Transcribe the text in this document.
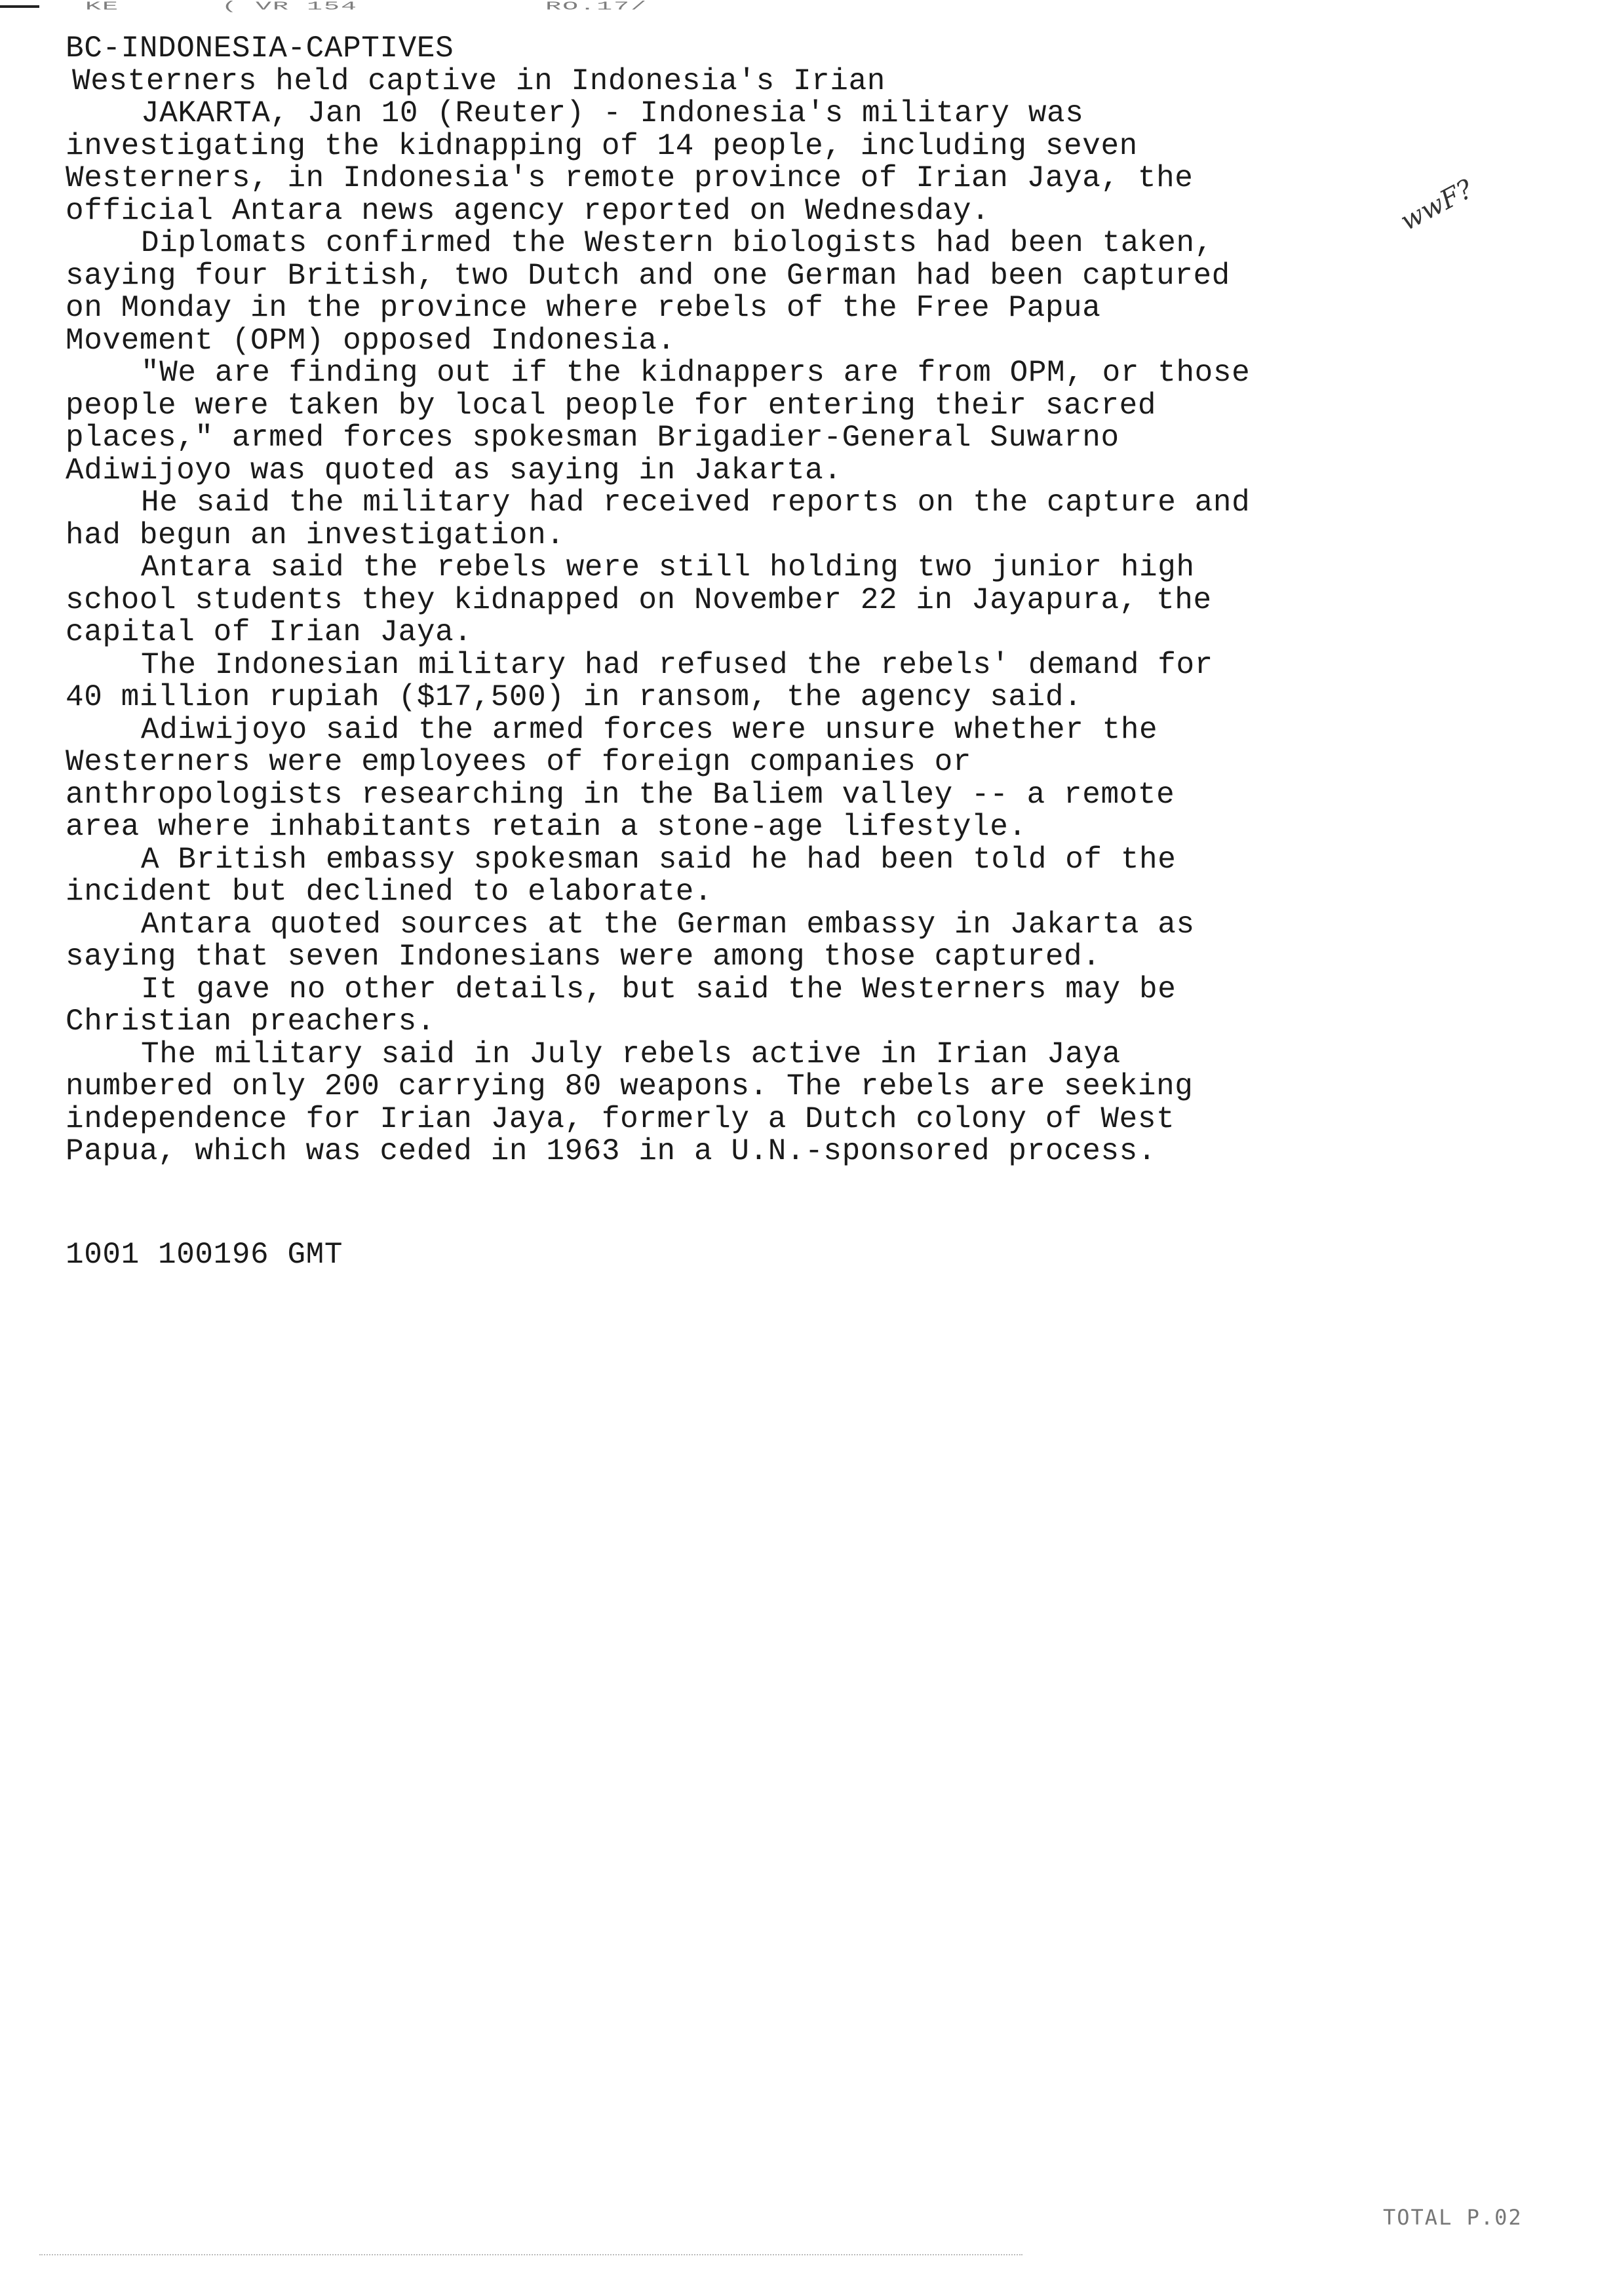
KE      ( VR 154           RO.17/
BC-INDONESIA-CAPTIVES
Westerners held captive in Indonesia's Irian
JAKARTA, Jan 10 (Reuter) - Indonesia's military was
investigating the kidnapping of 14 people, including seven
Westerners, in Indonesia's remote province of Irian Jaya, the
official Antara news agency reported on Wednesday.
Diplomats confirmed the Western biologists had been taken,
saying four British, two Dutch and one German had been captured
on Monday in the province where rebels of the Free Papua
Movement (OPM) opposed Indonesia.
"We are finding out if the kidnappers are from OPM, or those
people were taken by local people for entering their sacred
places," armed forces spokesman Brigadier-General Suwarno
Adiwijoyo was quoted as saying in Jakarta.
He said the military had received reports on the capture and
had begun an investigation.
Antara said the rebels were still holding two junior high
school students they kidnapped on November 22 in Jayapura, the
capital of Irian Jaya.
The Indonesian military had refused the rebels' demand for
40 million rupiah ($17,500) in ransom, the agency said.
Adiwijoyo said the armed forces were unsure whether the
Westerners were employees of foreign companies or
anthropologists researching in the Baliem valley -- a remote
area where inhabitants retain a stone-age lifestyle.
A British embassy spokesman said he had been told of the
incident but declined to elaborate.
Antara quoted sources at the German embassy in Jakarta as
saying that seven Indonesians were among those captured.
It gave no other details, but said the Westerners may be
Christian preachers.
The military said in July rebels active in Irian Jaya
numbered only 200 carrying 80 weapons. The rebels are seeking
independence for Irian Jaya, formerly a Dutch colony of West
Papua, which was ceded in 1963 in a U.N.-sponsored process.
1001 100196 GMT
wwF?
TOTAL P.02
